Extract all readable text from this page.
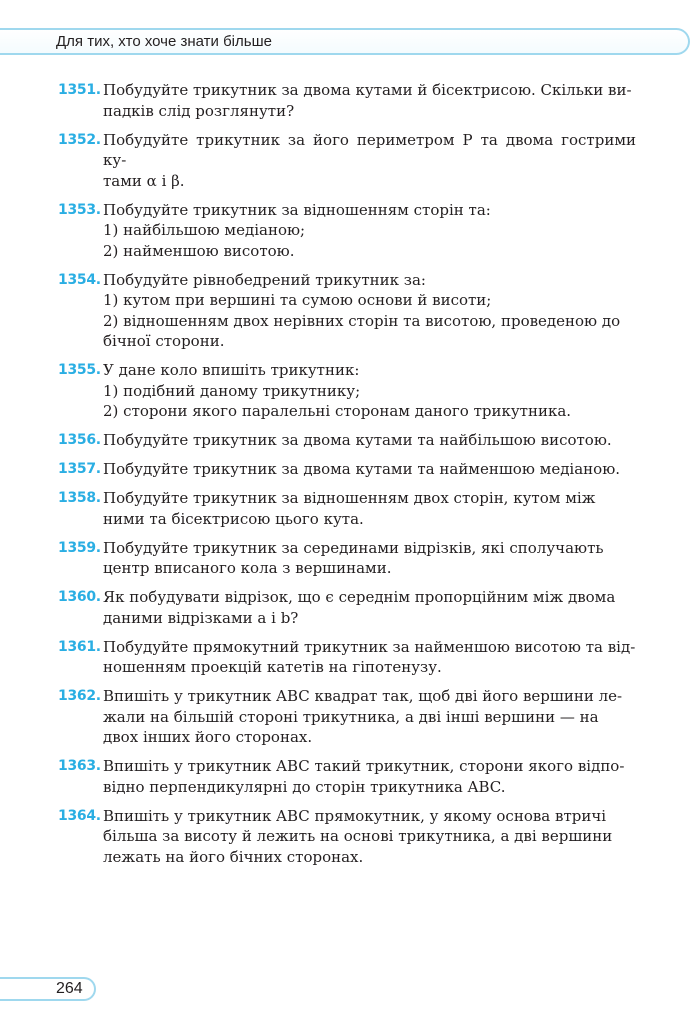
Для тих, хто хоче знати більше
1351. Побудуйте трикутник за двома кутами й бісектрисою. Скільки ви-
падків слід розглянути?
1352. Побудуйте трикутник за його периметром P та двома гострими ку-
тами α і β.
1353. Побудуйте трикутник за відношенням сторін та:
1) найбільшою медіаною;
2) найменшою висотою.
1354. Побудуйте рівнобедрений трикутник за:
1) кутом при вершині та сумою основи й висоти;
2) відношенням двох нерівних сторін та висотою, проведеною до
бічної сторони.
1355. У дане коло впишіть трикутник:
1) подібний даному трикутнику;
2) сторони якого паралельні сторонам даного трикутника.
1356. Побудуйте трикутник за двома кутами та найбільшою висотою.
1357. Побудуйте трикутник за двома кутами та найменшою медіаною.
1358. Побудуйте трикутник за відношенням двох сторін, кутом між
ними та бісектрисою цього кута.
1359. Побудуйте трикутник за серединами відрізків, які сполучають
центр вписаного кола з вершинами.
1360. Як побудувати відрізок, що є середнім пропорційним між двома
даними відрізками a і b?
1361. Побудуйте прямокутний трикутник за найменшою висотою та від-
ношенням проекцій катетів на гіпотенузу.
1362. Впишіть у трикутник ABC квадрат так, щоб дві його вершини ле-
жали на більшій стороні трикутника, а дві інші вершини — на
двох інших його сторонах.
1363. Впишіть у трикутник ABC такий трикутник, сторони якого відпо-
відно перпендикулярні до сторін трикутника ABC.
1364. Впишіть у трикутник ABC прямокутник, у якому основа втричі
більша за висоту й лежить на основі трикутника, а дві вершини
лежать на його бічних сторонах.
264
